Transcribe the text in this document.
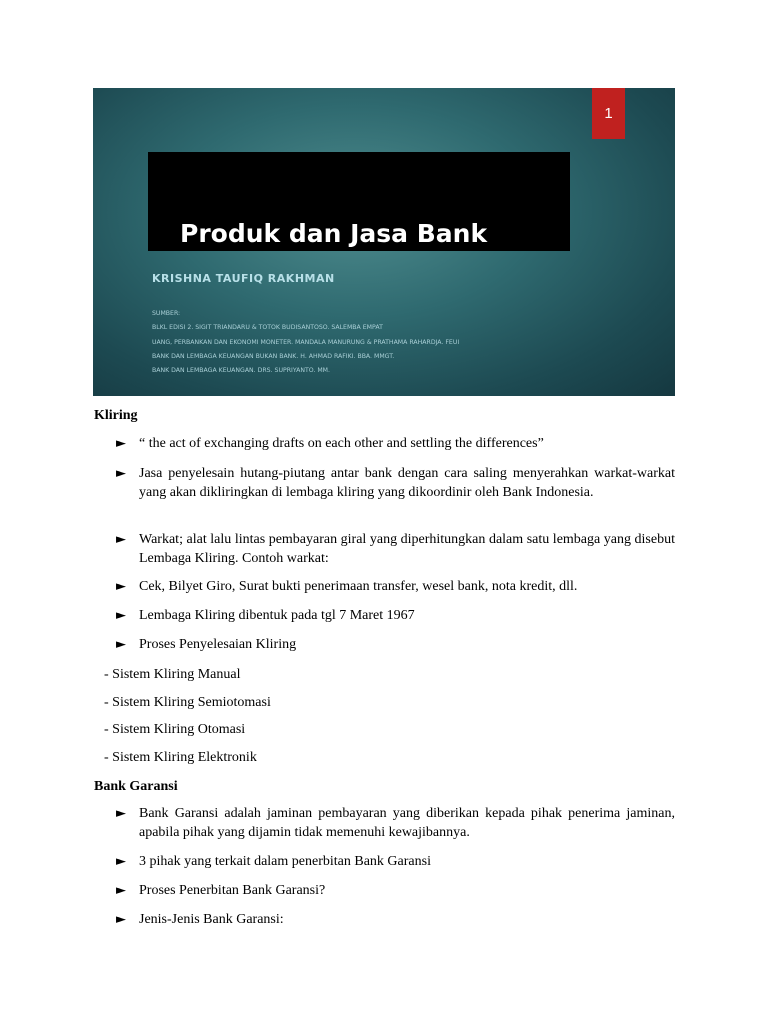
1
Produk dan Jasa Bank
KRISHNA TAUFIQ RAKHMAN
SUMBER:
BLKL EDISI 2. SIGIT TRIANDARU & TOTOK BUDISANTOSO. SALEMBA EMPAT
UANG, PERBANKAN DAN EKONOMI MONETER. MANDALA MANURUNG & PRATHAMA RAHARDJA. FEUI
BANK DAN LEMBAGA KEUANGAN BUKAN BANK. H. AHMAD RAFIKI. BBA. MMGT.
BANK DAN LEMBAGA KEUANGAN. DRS. SUPRIYANTO. MM.
Kliring
► “ the act of exchanging drafts on each other and settling the differences”
► Jasa penyelesain hutang-piutang antar bank dengan cara saling menyerahkan warkat-warkat yang akan dikliringkan di lembaga kliring yang dikoordinir oleh Bank Indonesia.
► Warkat; alat lalu lintas pembayaran giral yang diperhitungkan dalam satu lembaga yang disebut Lembaga Kliring. Contoh warkat:
► Cek, Bilyet Giro, Surat bukti penerimaan transfer, wesel bank, nota kredit, dll.
► Lembaga Kliring dibentuk pada tgl 7 Maret 1967
► Proses Penyelesaian Kliring
- Sistem Kliring Manual
- Sistem Kliring Semiotomasi
- Sistem Kliring Otomasi
- Sistem Kliring Elektronik
Bank Garansi
► Bank Garansi adalah jaminan pembayaran yang diberikan kepada pihak penerima jaminan, apabila pihak yang dijamin tidak memenuhi kewajibannya.
► 3 pihak yang terkait dalam penerbitan Bank Garansi
► Proses Penerbitan Bank Garansi?
► Jenis-Jenis Bank Garansi:
